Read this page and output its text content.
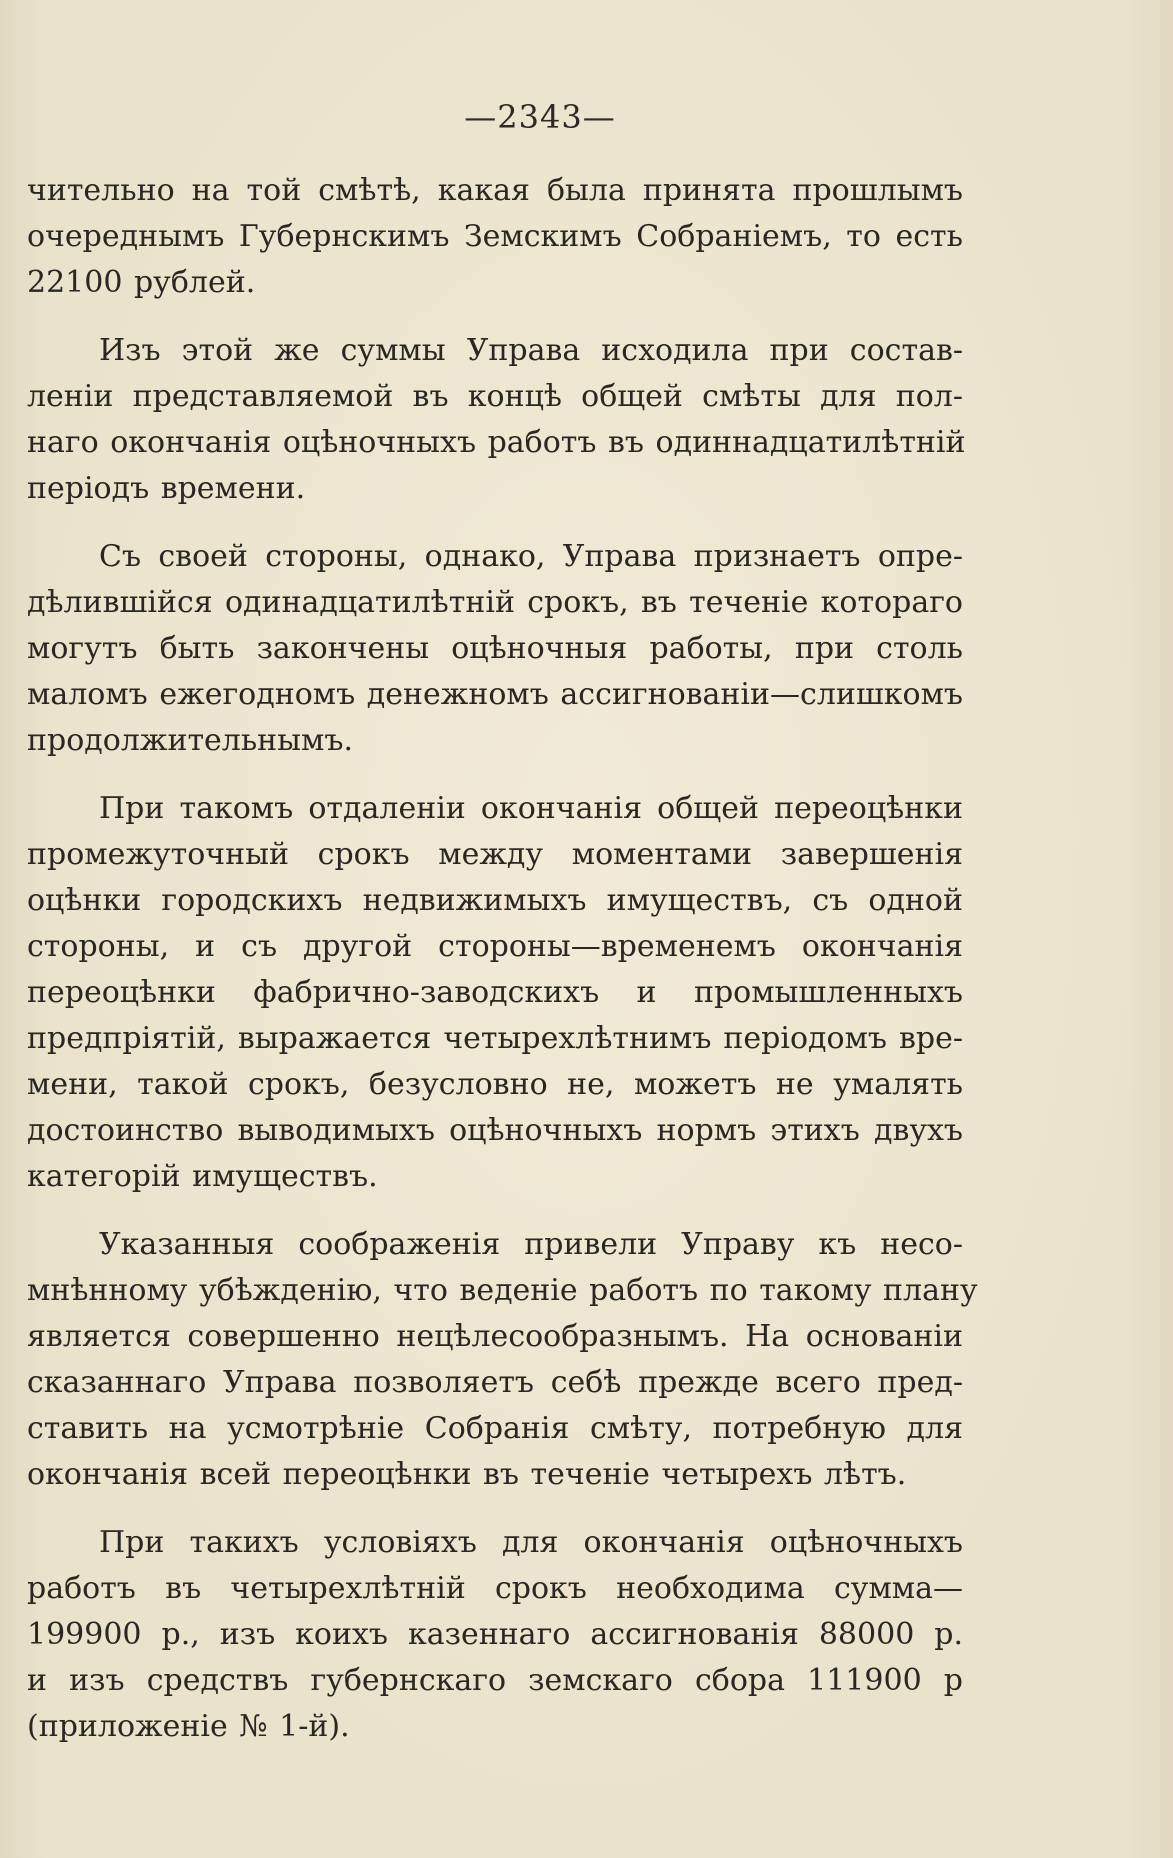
—2343—
чительно на той смѣтѣ, какая была принята прошлымъ
очереднымъ Губернскимъ Земскимъ Собраніемъ, то есть
22100 рублей.
Изъ этой же суммы Управа исходила при состав-
леніи представляемой въ концѣ общей смѣты для пол-
наго окончанія оцѣночныхъ работъ въ одиннадцатилѣтній
періодъ времени.
Съ своей стороны, однако, Управа признаетъ опре-
дѣлившійся одинадцатилѣтній срокъ, въ теченіе котораго
могутъ быть закончены оцѣночныя работы, при столь
маломъ ежегодномъ денежномъ ассигнованіи—слишкомъ
продолжительнымъ.
При такомъ отдаленіи окончанія общей переоцѣнки
промежуточный срокъ между моментами завершенія
оцѣнки городскихъ недвижимыхъ имуществъ, съ одной
стороны, и съ другой стороны—временемъ окончанія
переоцѣнки фабрично-заводскихъ и промышленныхъ
предпріятій, выражается четырехлѣтнимъ періодомъ вре-
мени, такой срокъ, безусловно не, можетъ не умалять
достоинство выводимыхъ оцѣночныхъ нормъ этихъ двухъ
категорій имуществъ.
Указанныя соображенія привели Управу къ несо-
мнѣнному убѣжденію, что веденіе работъ по такому плану
является совершенно нецѣлесообразнымъ. На основаніи
сказаннаго Управа позволяетъ себѣ прежде всего пред-
ставить на усмотрѣніе Собранія смѣту, потребную для
окончанія всей переоцѣнки въ теченіе четырехъ лѣтъ.
При такихъ условіяхъ для окончанія оцѣночныхъ
работъ въ четырехлѣтній срокъ необходима сумма—
199900 р., изъ коихъ казеннаго ассигнованія 88000 р.
и изъ средствъ губернскаго земскаго сбора 111900 р
(приложеніе № 1-й).
